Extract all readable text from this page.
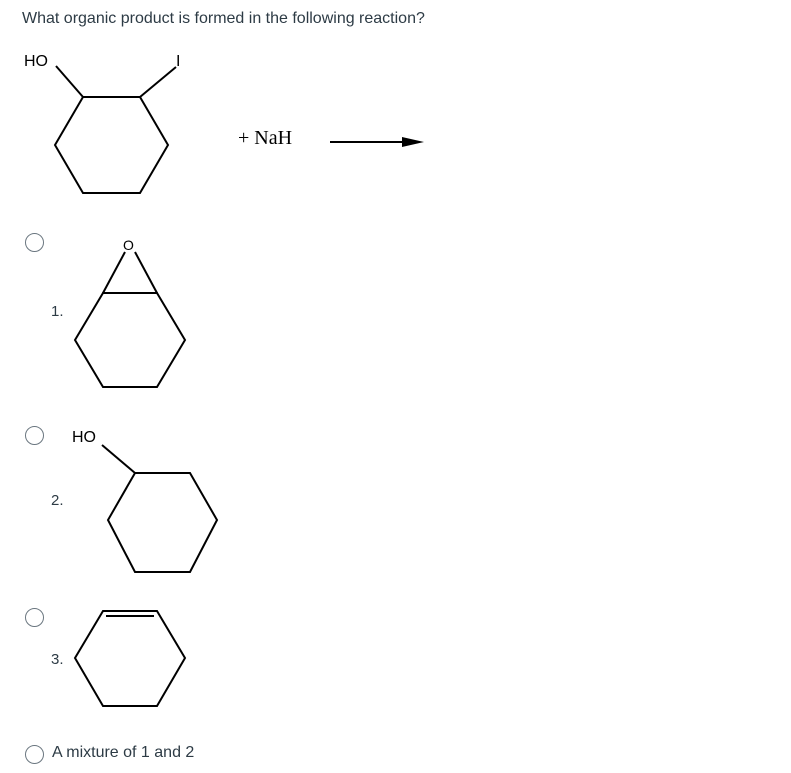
What organic product is formed in the following reaction?
HO	I
+ NaH
1.
O
2.
HO
3.
A mixture of 1 and 2
